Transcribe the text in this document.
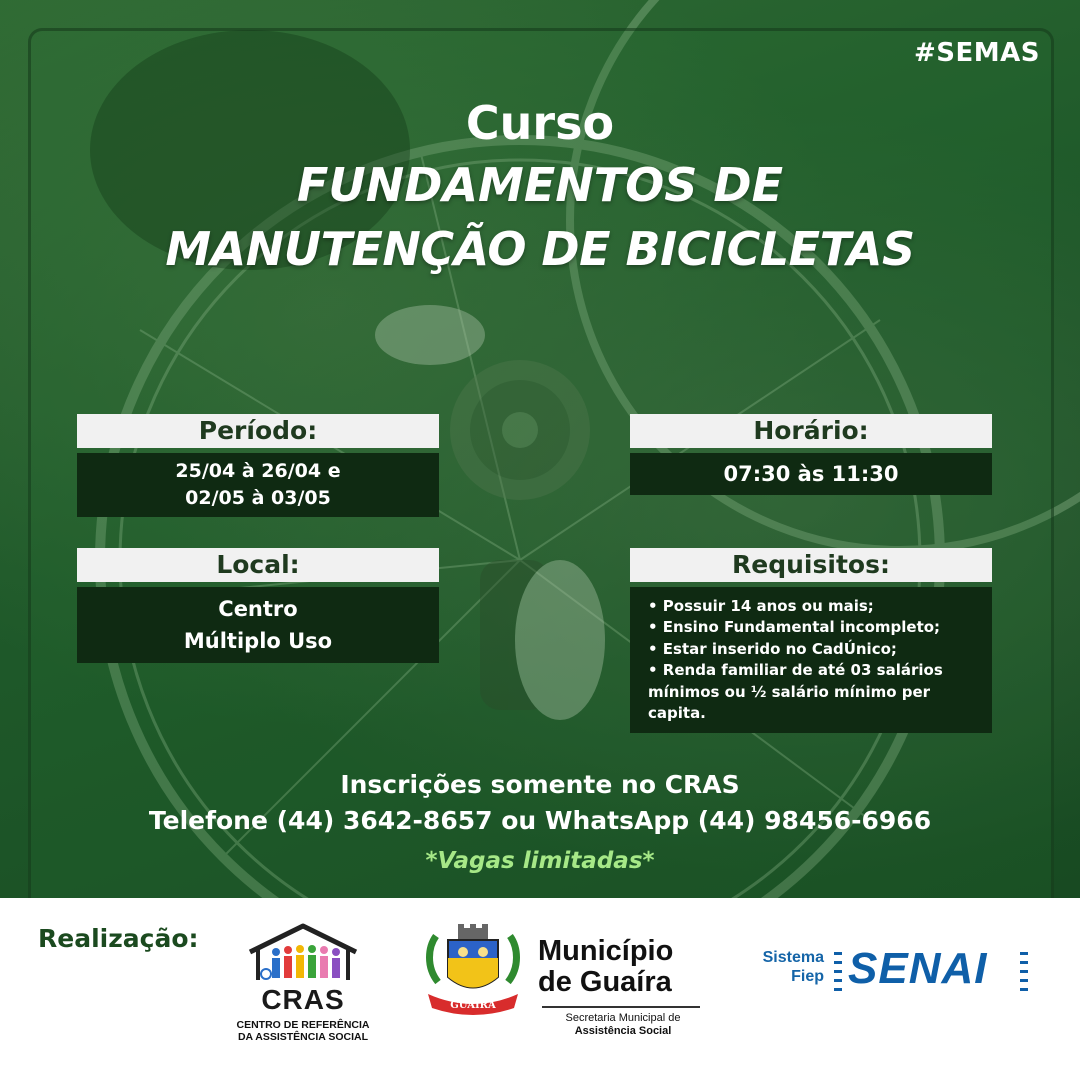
#SEMAS
Curso
FUNDAMENTOS DE
MANUTENÇÃO DE BICICLETAS
Período:
25/04 à 26/04 e
02/05 à 03/05
Horário:
07:30 às 11:30
Local:
Centro
Múltiplo Uso
Requisitos:
• Possuir 14 anos ou mais;
• Ensino Fundamental incompleto;
• Estar inserido no CadÚnico;
• Renda familiar de até 03 salários mínimos ou ½ salário mínimo per capita.
Inscrições somente no CRAS
Telefone (44) 3642-8657 ou WhatsApp (44) 98456-6966
*Vagas limitadas*
Realização:
CRAS
CENTRO DE REFERÊNCIA
DA ASSISTÊNCIA SOCIAL
GUAÍRA
Município
de Guaíra
Secretaria Municipal de
Assistência Social
Sistema
Fiep SENAI
